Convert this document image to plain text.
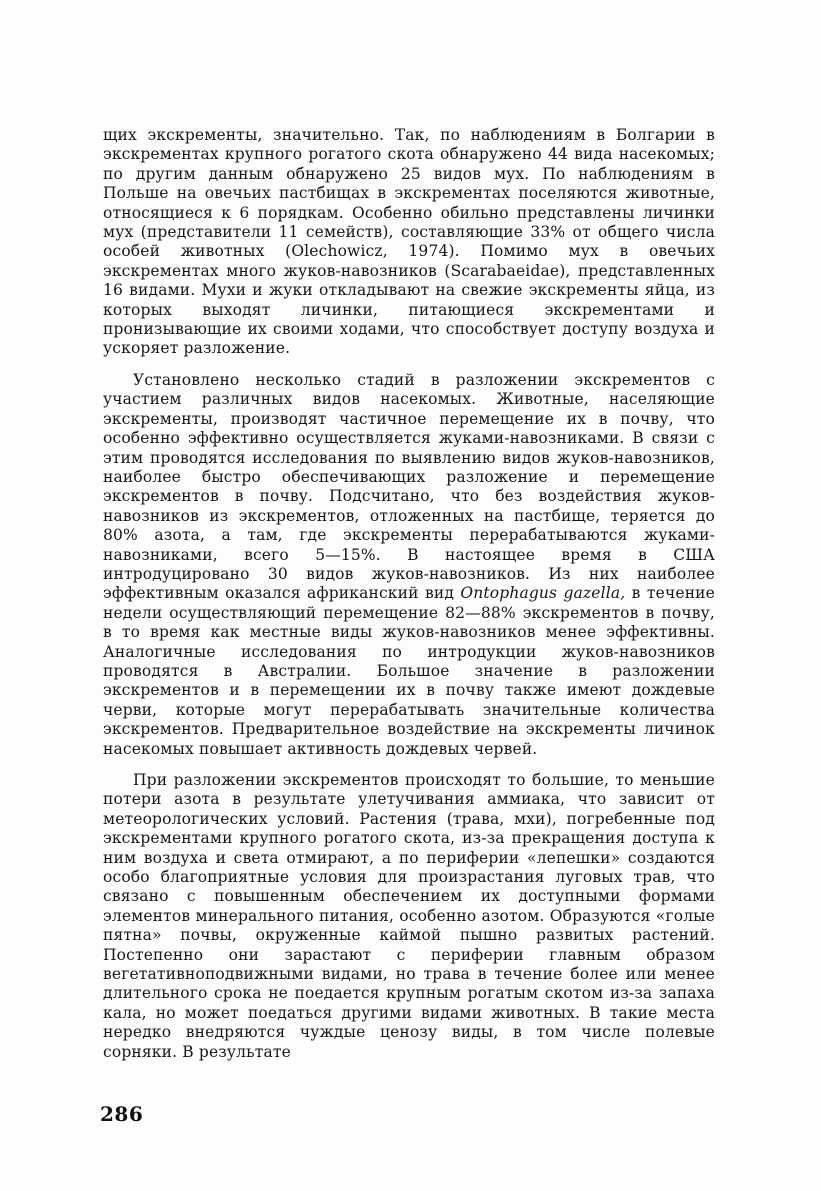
щих экскременты, значительно. Так, по наблюдениям в Болгарии в экскрементах крупного рогатого скота обнаружено 44 вида насекомых; по другим данным обнаружено 25 видов мух. По наблюдениям в Польше на овечьих пастбищах в экскрементах поселяются животные, относящиеся к 6 порядкам. Особенно обильно представлены личинки мух (представители 11 семейств), составляющие 33% от общего числа особей животных (Olechowicz, 1974). Помимо мух в овечьих экскрементах много жуков-навозников (Scarabaeidae), представленных 16 видами. Мухи и жуки откладывают на свежие экскременты яйца, из которых выходят личинки, питающиеся экскрементами и пронизывающие их своими ходами, что способствует доступу воздуха и ускоряет разложение.

Установлено несколько стадий в разложении экскрементов с участием различных видов насекомых. Животные, населяющие экскременты, производят частичное перемещение их в почву, что особенно эффективно осуществляется жуками-навозниками. В связи с этим проводятся исследования по выявлению видов жуков-навозников, наиболее быстро обеспечивающих разложение и перемещение экскрементов в почву. Подсчитано, что без воздействия жуков-навозников из экскрементов, отложенных на пастбище, теряется до 80% азота, а там, где экскременты перерабатываются жуками-навозниками, всего 5—15%. В настоящее время в США интродуцировано 30 видов жуков-навозников. Из них наиболее эффективным оказался африканский вид Ontophagus gazella, в течение недели осуществляющий перемещение 82—88% экскрементов в почву, в то время как местные виды жуков-навозников менее эффективны. Аналогичные исследования по интродукции жуков-навозников проводятся в Австралии. Большое значение в разложении экскрементов и в перемещении их в почву также имеют дождевые черви, которые могут перерабатывать значительные количества экскрементов. Предварительное воздействие на экскременты личинок насекомых повышает активность дождевых червей.

При разложении экскрементов происходят то большие, то меньшие потери азота в результате улетучивания аммиака, что зависит от метеорологических условий. Растения (трава, мхи), погребенные под экскрементами крупного рогатого скота, из-за прекращения доступа к ним воздуха и света отмирают, а по периферии «лепешки» создаются особо благоприятные условия для произрастания луговых трав, что связано с повышенным обеспечением их доступными формами элементов минерального питания, особенно азотом. Образуются «голые пятна» почвы, окруженные каймой пышно развитых растений. Постепенно они зарастают с периферии главным образом вегетативноподвижными видами, но трава в течение более или менее длительного срока не поедается крупным рогатым скотом из-за запаха кала, но может поедаться другими видами животных. В такие места нередко внедряются чуждые ценозу виды, в том числе полевые сорняки. В результате

286
